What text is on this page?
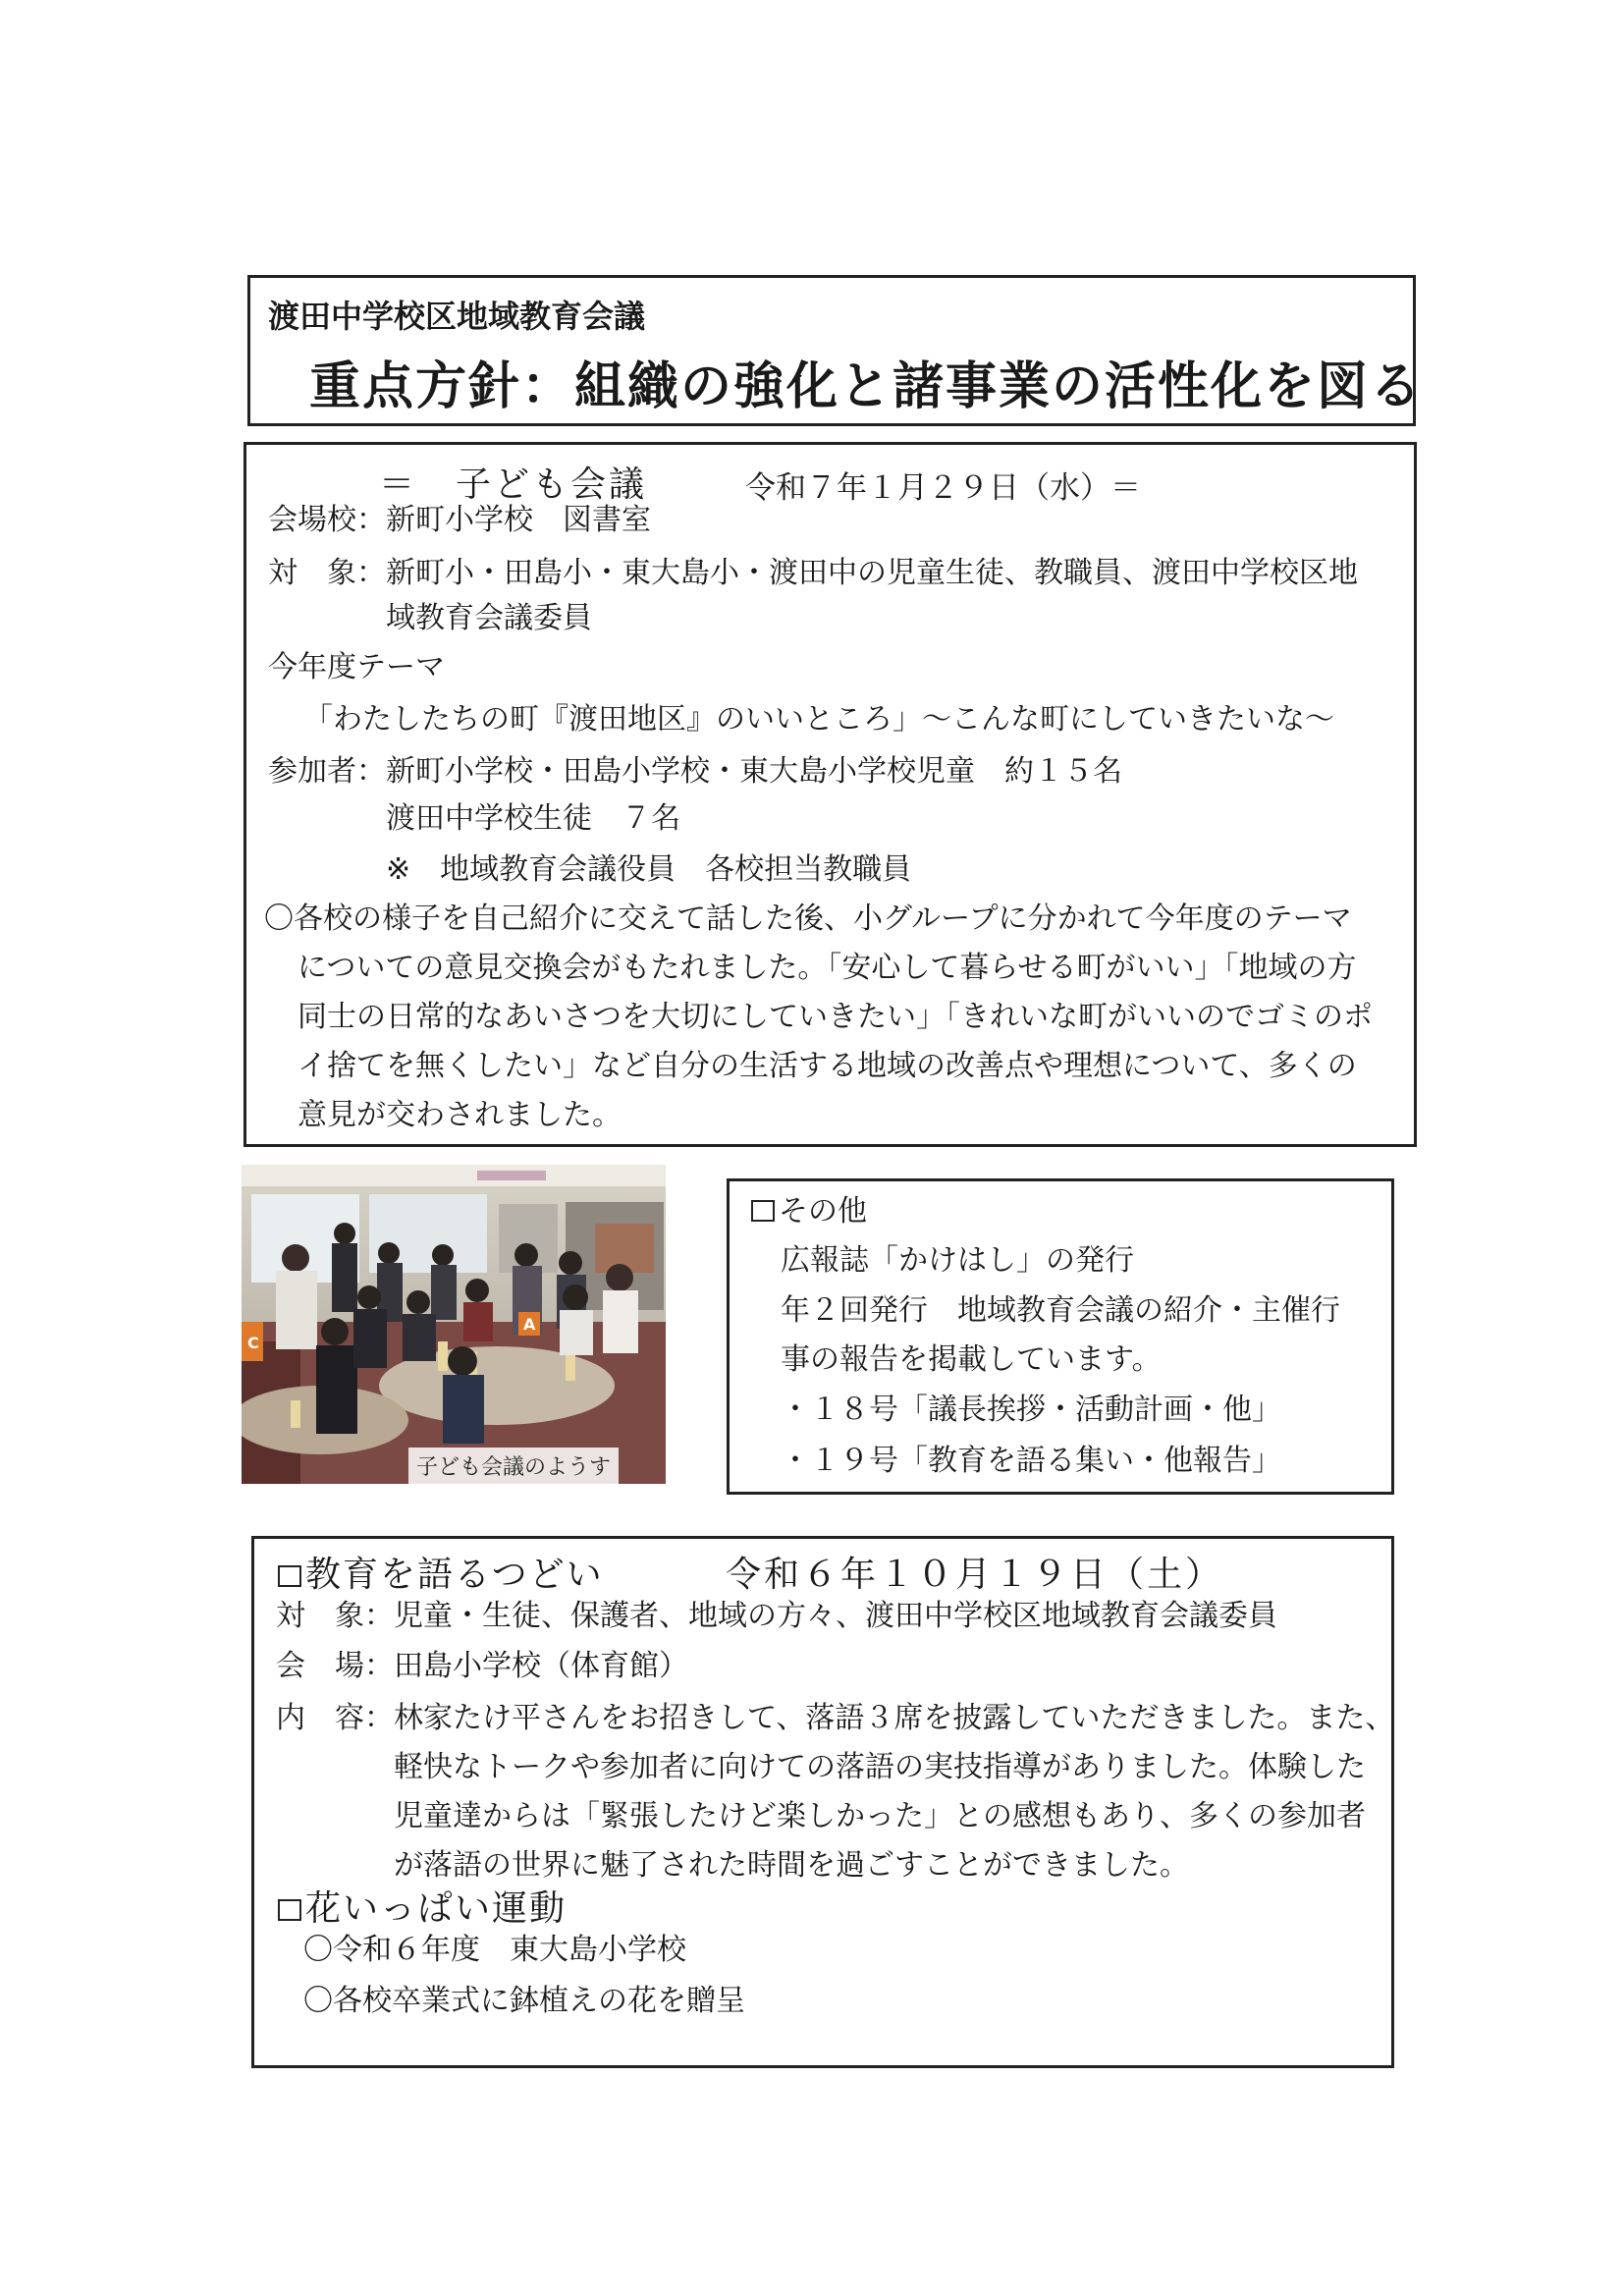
渡田中学校区地域教育会議
重点方針：組織の強化と諸事業の活性化を図る
＝　子ども会議	令和７年１月２９日（水）＝
会場校： 新町小学校　図書室
対　象： 新町小・田島小・東大島小・渡田中の児童生徒、教職員、渡田中学校区地
域教育会議委員
今年度テーマ
「わたしたちの町『渡田地区』のいいところ」～こんな町にしていきたいな～
参加者： 新町小学校・田島小学校・東大島小学校児童　約１５名
渡田中学校生徒　７名
※　地域教育会議役員　各校担当教職員
〇各校の様子を自己紹介に交えて話した後、小グループに分かれて今年度のテーマ
についての意見交換会がもたれました。「安心して暮らせる町がいい」「地域の方
同士の日常的なあいさつを大切にしていきたい」「きれいな町がいいのでゴミのポ
イ捨てを無くしたい」など自分の生活する地域の改善点や理想について、多くの
意見が交わされました。
C
A
子ども会議のようす
その他
広報誌「かけはし」の発行
年２回発行　地域教育会議の紹介・主催行
事の報告を掲載しています。
・１８号「議長挨拶・活動計画・他」
・１９号「教育を語る集い・他報告」
教育を語るつどい	令和６年１０月１９日（土）
対　象： 児童・生徒、保護者、地域の方々、渡田中学校区地域教育会議委員
会　場： 田島小学校（体育館）
内　容： 林家たけ平さんをお招きして、落語３席を披露していただきました。また、
軽快なトークや参加者に向けての落語の実技指導がありました。体験した
児童達からは「緊張したけど楽しかった」との感想もあり、多くの参加者
が落語の世界に魅了された時間を過ごすことができました。
花いっぱい運動
〇令和６年度　東大島小学校
〇各校卒業式に鉢植えの花を贈呈
